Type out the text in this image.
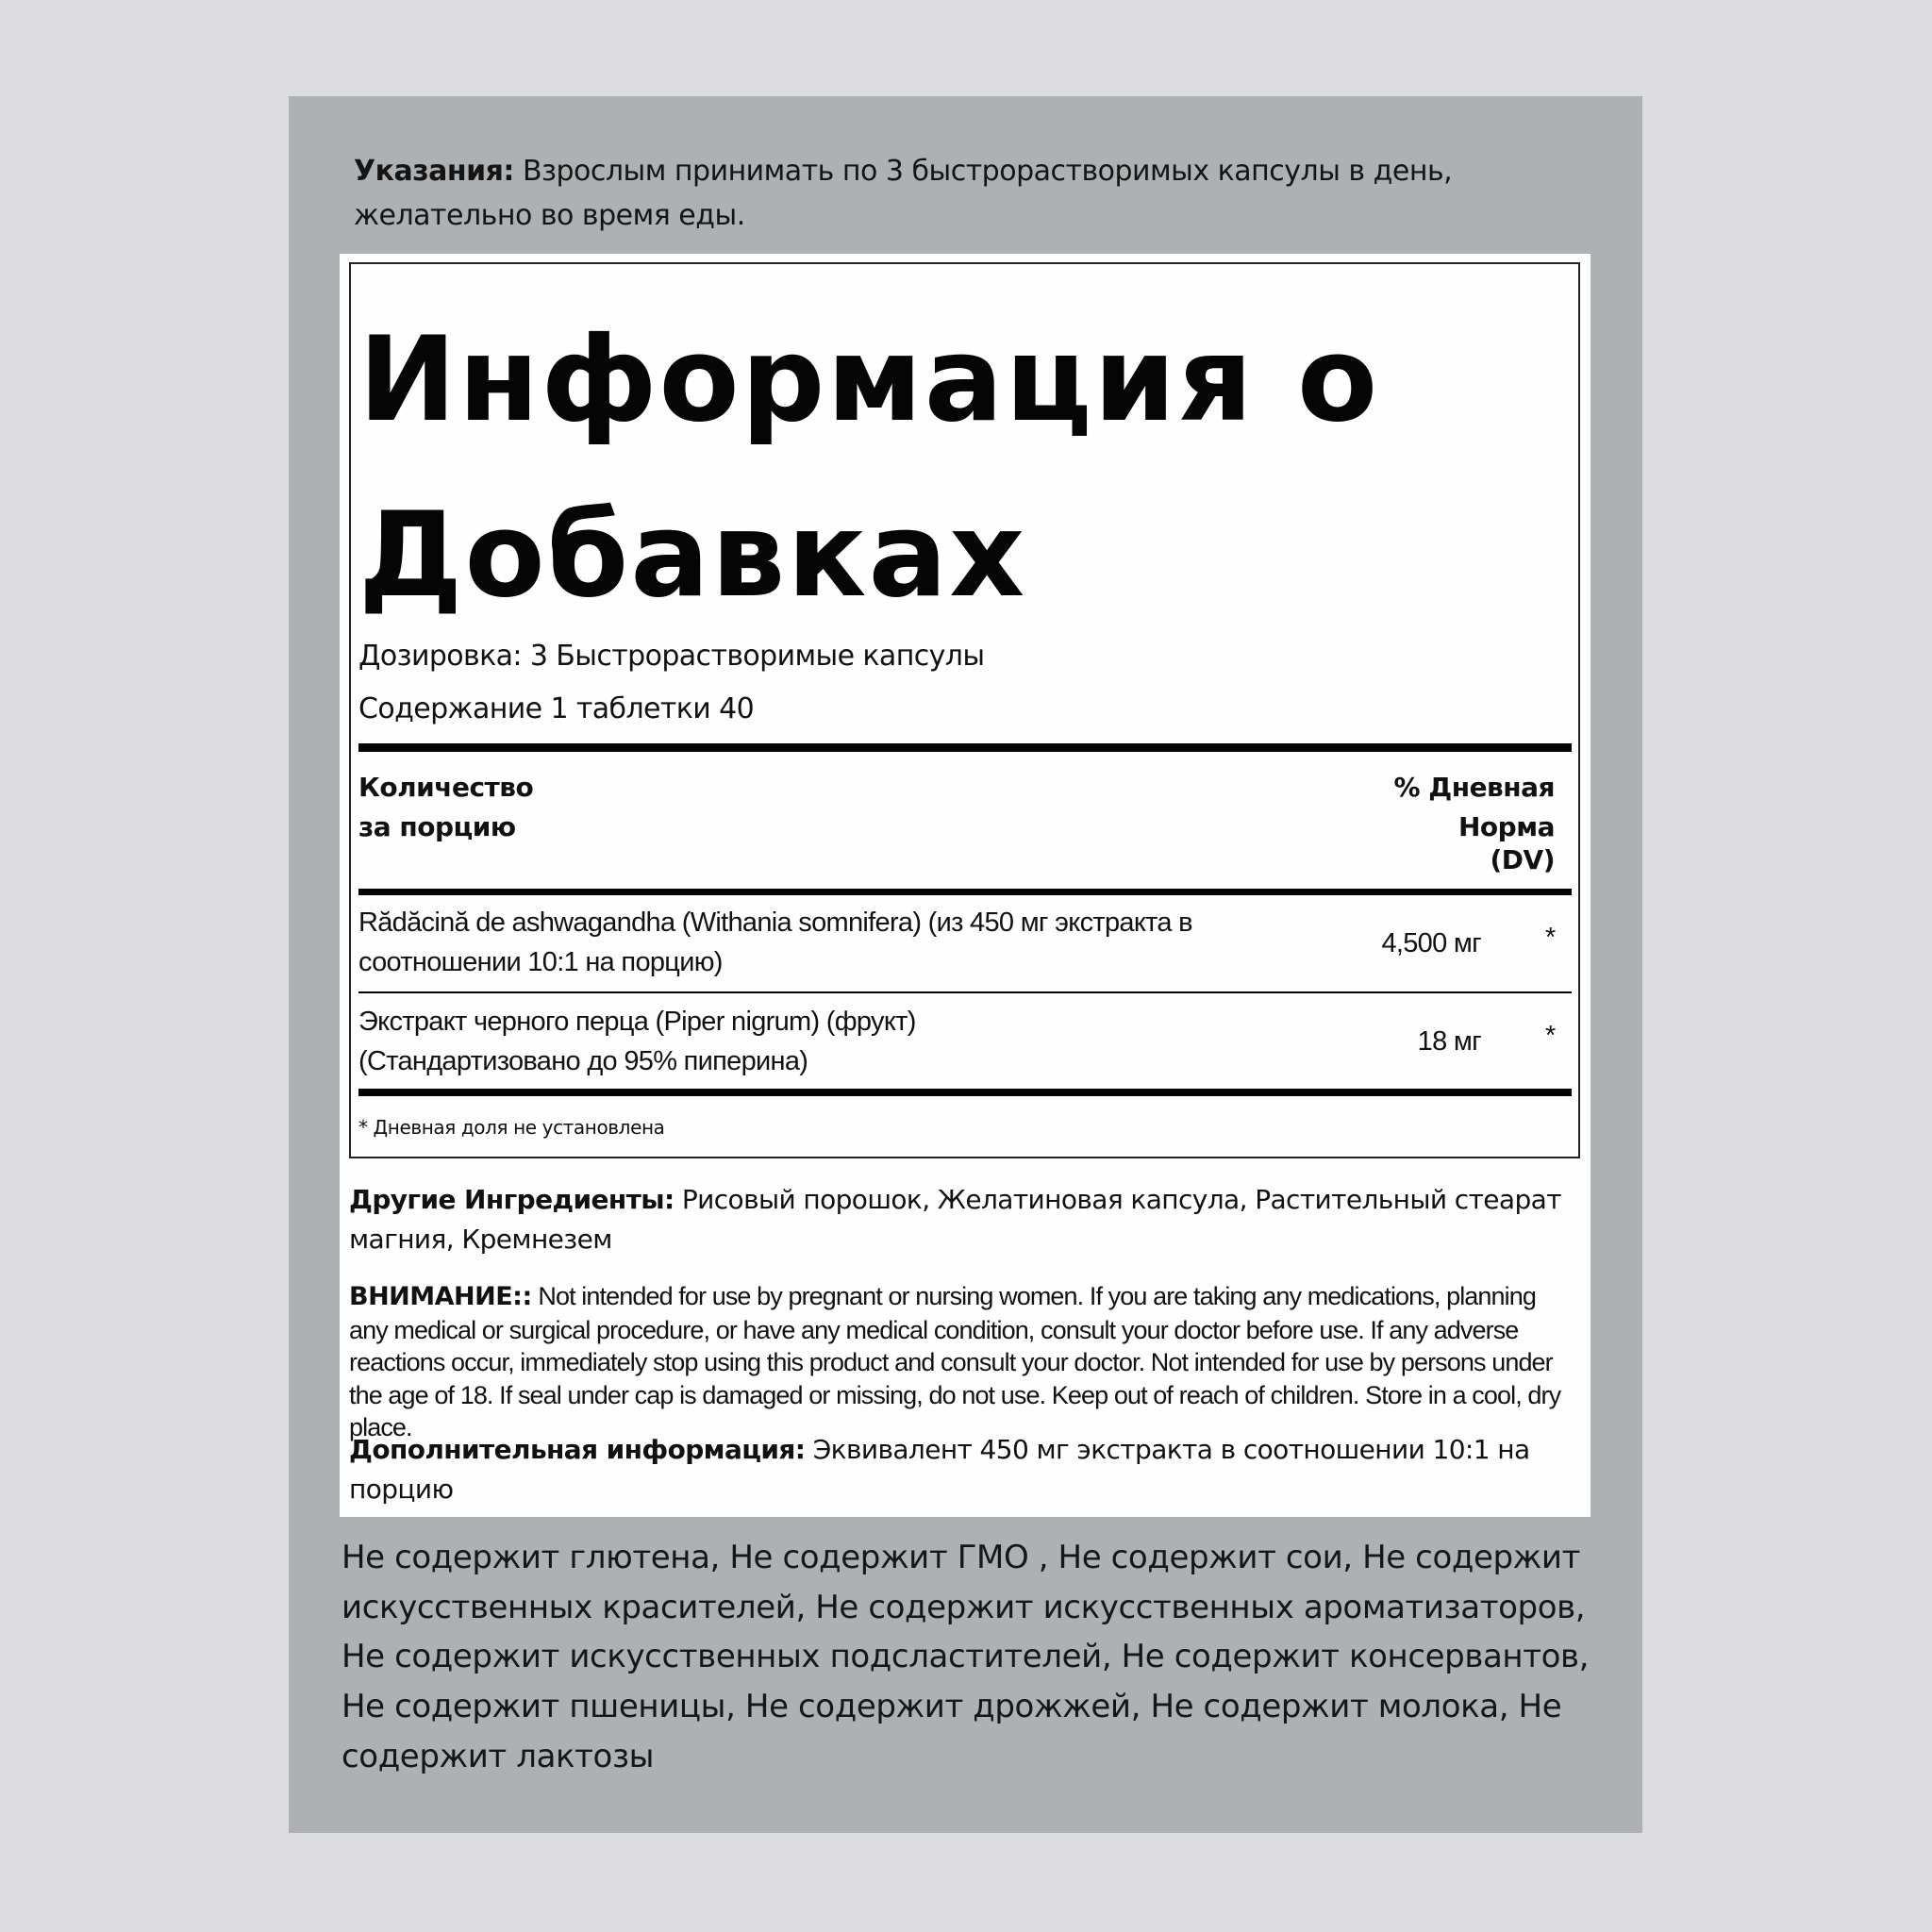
Указания: Взрослым принимать по 3 быстрорастворимых капсулы в день, желательно во время еды.
Информация о
Добавках
Дозировка: 3 Быстрорастворимые капсулы
Содержание 1 таблетки 40
Количество
за порцию
% Дневная
Норма
(DV)
Rădăcină de ashwagandha (Withania somnifera) (из 450 мг экстракта в
соотношении 10:1 на порцию)
4,500 мг *
Экстракт черного перца (Piper nigrum) (фрукт)
(Стандартизовано до 95% пиперина)
18 мг *
* Дневная доля не установлена
Другие Ингредиенты: Рисовый порошок, Желатиновая капсула, Растительный стеарат магния, Кремнезем
ВНИМАНИЕ:: Not intended for use by pregnant or nursing women. If you are taking any medications, planning any medical or surgical procedure, or have any medical condition, consult your doctor before use. If any adverse reactions occur, immediately stop using this product and consult your doctor. Not intended for use by persons under the age of 18. If seal under cap is damaged or missing, do not use. Keep out of reach of children. Store in a cool, dry place.
Дополнительная информация: Эквивалент 450 мг экстракта в соотношении 10:1 на порцию
Не содержит глютена, Не содержит ГМО , Не содержит сои, Не содержит искусственных красителей, Не содержит искусственных ароматизаторов, Не содержит искусственных подсластителей, Не содержит консервантов, Не содержит пшеницы, Не содержит дрожжей, Не содержит молока, Не содержит лактозы
